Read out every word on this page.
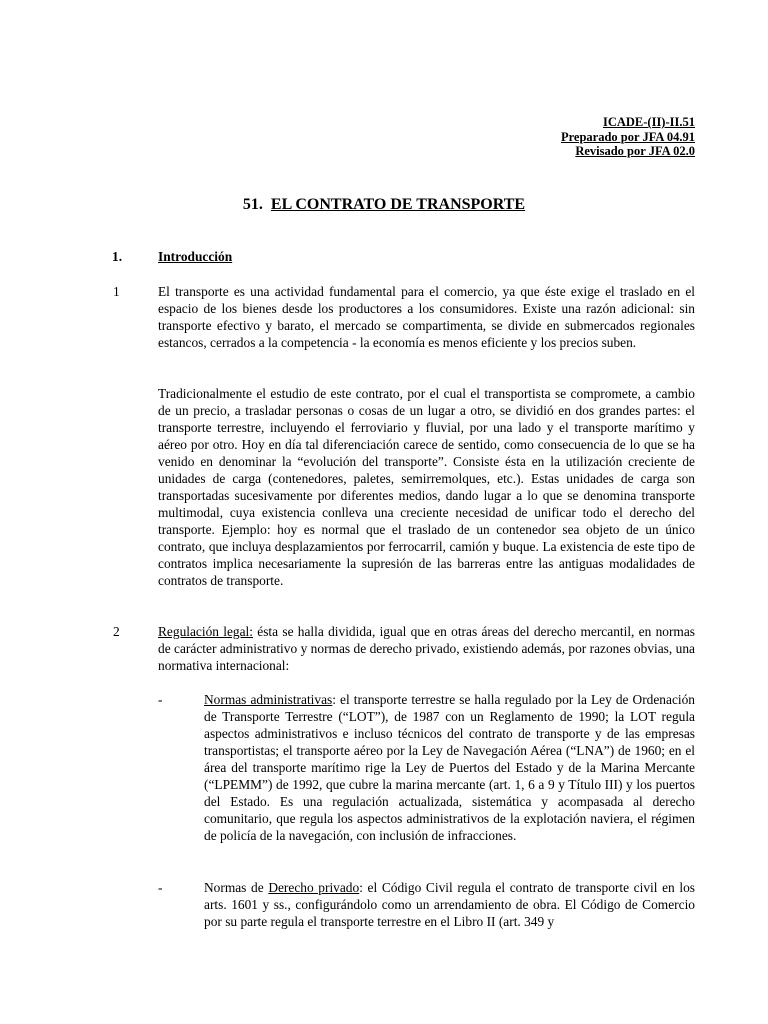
ICADE-(II)-II.51
Preparado por JFA 04.91
Revisado por JFA 02.0
51. EL CONTRATO DE TRANSPORTE
1.	Introducción
1	El transporte es una actividad fundamental para el comercio, ya que éste exige el traslado en el espacio de los bienes desde los productores a los consumidores. Existe una razón adicional: sin transporte efectivo y barato, el mercado se compartimenta, se divide en submercados regionales estancos, cerrados a la competencia - la economía es menos eficiente y los precios suben.
Tradicionalmente el estudio de este contrato, por el cual el transportista se compromete, a cambio de un precio, a trasladar personas o cosas de un lugar a otro, se dividió en dos grandes partes: el transporte terrestre, incluyendo el ferroviario y fluvial, por una lado y el transporte marítimo y aéreo por otro. Hoy en día tal diferenciación carece de sentido, como consecuencia de lo que se ha venido en denominar la “evolución del transporte”. Consiste ésta en la utilización creciente de unidades de carga (contenedores, paletes, semirremolques, etc.). Estas unidades de carga son transportadas sucesivamente por diferentes medios, dando lugar a lo que se denomina transporte multimodal, cuya existencia conlleva una creciente necesidad de unificar todo el derecho del transporte. Ejemplo: hoy es normal que el traslado de un contenedor sea objeto de un único contrato, que incluya desplazamientos por ferrocarril, camión y buque. La existencia de este tipo de contratos implica necesariamente la supresión de las barreras entre las antiguas modalidades de contratos de transporte.
2	Regulación legal: ésta se halla dividida, igual que en otras áreas del derecho mercantil, en normas de carácter administrativo y normas de derecho privado, existiendo además, por razones obvias, una normativa internacional:
-	Normas administrativas: el transporte terrestre se halla regulado por la Ley de Ordenación de Transporte Terrestre (“LOT”), de 1987 con un Reglamento de 1990; la LOT regula aspectos administrativos e incluso técnicos del contrato de transporte y de las empresas transportistas; el transporte aéreo por la Ley de Navegación Aérea (“LNA”) de 1960; en el área del transporte marítimo rige la Ley de Puertos del Estado y de la Marina Mercante (“LPEMM”) de 1992, que cubre la marina mercante (art. 1, 6 a 9 y Título III) y los puertos del Estado. Es una regulación actualizada, sistemática y acompasada al derecho comunitario, que regula los aspectos administrativos de la explotación naviera, el régimen de policía de la navegación, con inclusión de infracciones.
-	Normas de Derecho privado: el Código Civil regula el contrato de transporte civil en los arts. 1601 y ss., configurándolo como un arrendamiento de obra. El Código de Comercio por su parte regula el transporte terrestre en el Libro II (art. 349 y
